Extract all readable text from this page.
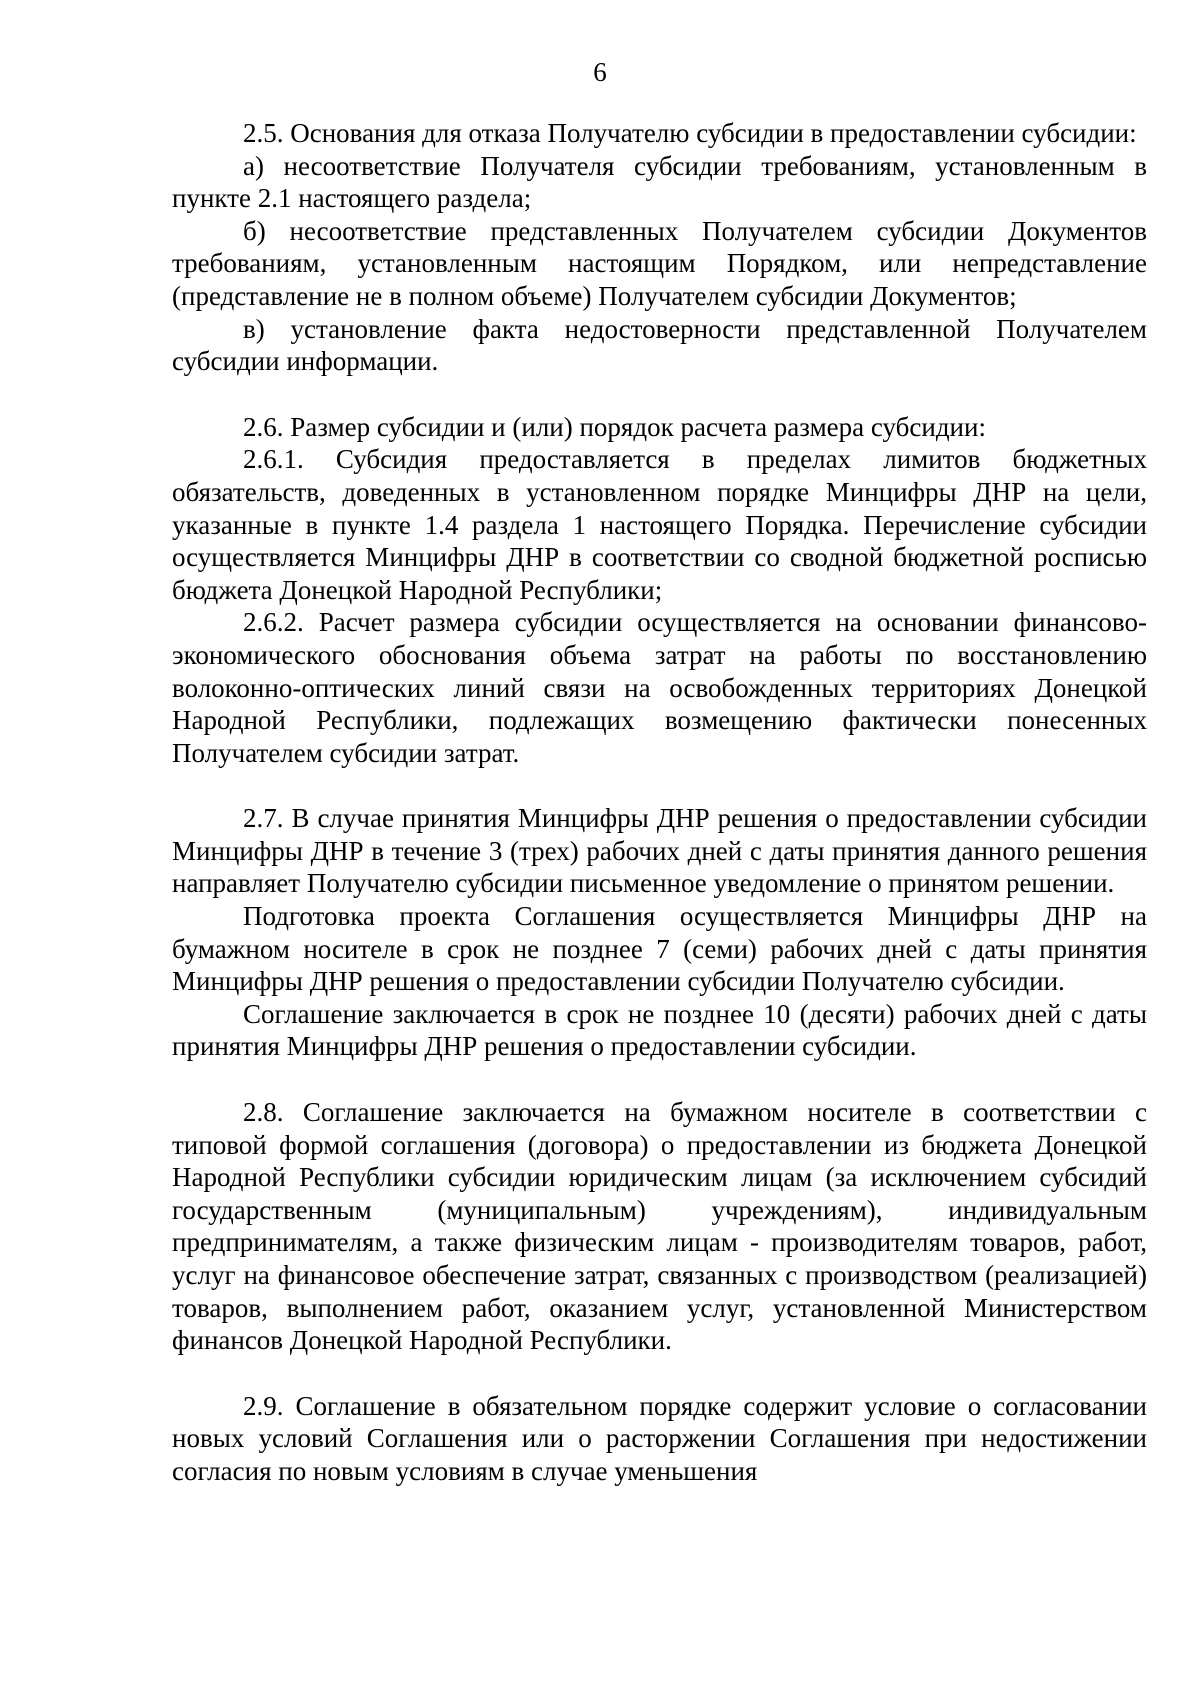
6

2.5. Основания для отказа Получателю субсидии в предоставлении субсидии:

а) несоответствие Получателя субсидии требованиям, установленным в пункте 2.1 настоящего раздела;

б) несоответствие представленных Получателем субсидии Документов требованиям, установленным настоящим Порядком, или непредставление (представление не в полном объеме) Получателем субсидии Документов;

в) установление факта недостоверности представленной Получателем субсидии информации.

2.6. Размер субсидии и (или) порядок расчета размера субсидии:

2.6.1. Субсидия предоставляется в пределах лимитов бюджетных обязательств, доведенных в установленном порядке Минцифры ДНР на цели, указанные в пункте 1.4 раздела 1 настоящего Порядка. Перечисление субсидии осуществляется Минцифры ДНР в соответствии со сводной бюджетной росписью бюджета Донецкой Народной Республики;

2.6.2. Расчет размера субсидии осуществляется на основании финансово-экономического обоснования объема затрат на работы по восстановлению волоконно-оптических линий связи на освобожденных территориях Донецкой Народной Республики, подлежащих возмещению фактически понесенных Получателем субсидии затрат.

2.7. В случае принятия Минцифры ДНР решения о предоставлении субсидии Минцифры ДНР в течение 3 (трех) рабочих дней с даты принятия данного решения направляет Получателю субсидии письменное уведомление о принятом решении.

Подготовка проекта Соглашения осуществляется Минцифры ДНР на бумажном носителе в срок не позднее 7 (семи) рабочих дней с даты принятия Минцифры ДНР решения о предоставлении субсидии Получателю субсидии.

Соглашение заключается в срок не позднее 10 (десяти) рабочих дней с даты принятия Минцифры ДНР решения о предоставлении субсидии.

2.8. Соглашение заключается на бумажном носителе в соответствии с типовой формой соглашения (договора) о предоставлении из бюджета Донецкой Народной Республики субсидии юридическим лицам (за исключением субсидий государственным (муниципальным) учреждениям), индивидуальным предпринимателям, а также физическим лицам - производителям товаров, работ, услуг на финансовое обеспечение затрат, связанных с производством (реализацией) товаров, выполнением работ, оказанием услуг, установленной Министерством финансов Донецкой Народной Республики.

2.9. Соглашение в обязательном порядке содержит условие о согласовании новых условий Соглашения или о расторжении Соглашения при недостижении согласия по новым условиям в случае уменьшения
